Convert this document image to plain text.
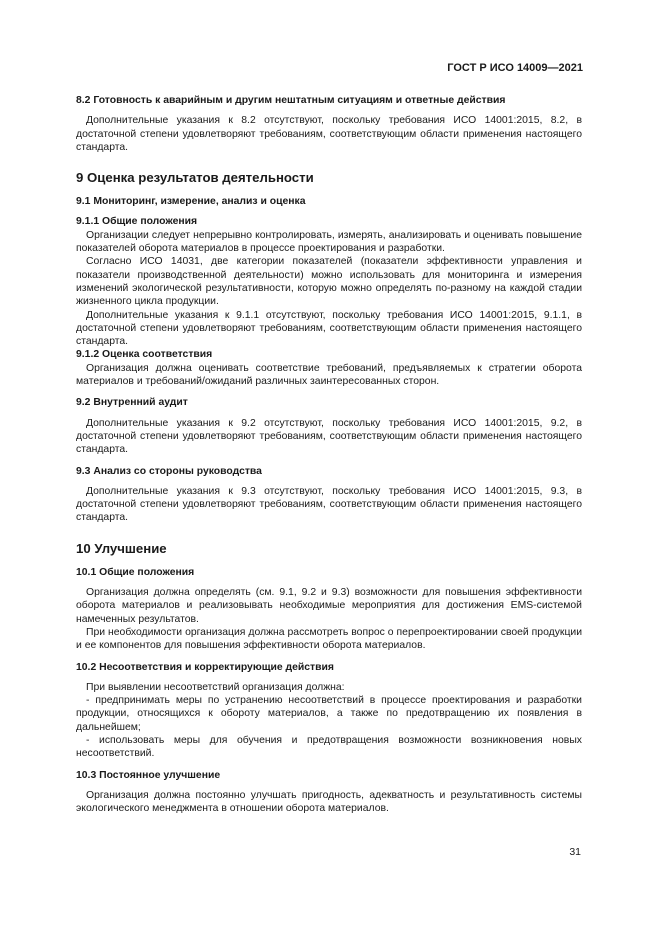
ГОСТ Р ИСО 14009—2021
8.2 Готовность к аварийным и другим нештатным ситуациям и ответные действия

Дополнительные указания к 8.2 отсутствуют, поскольку требования ИСО 14001:2015, 8.2, в достаточной степени удовлетворяют требованиям, соответствующим области применения настоящего стандарта.

9 Оценка результатов деятельности
9.1 Мониторинг, измерение, анализ и оценка
9.1.1 Общие положения

Организации следует непрерывно контролировать, измерять, анализировать и оценивать повышение показателей оборота материалов в процессе проектирования и разработки.

Согласно ИСО 14031, две категории показателей (показатели эффективности управления и показатели производственной деятельности) можно использовать для мониторинга и измерения изменений экологической результативности, которую можно определять по-разному на каждой стадии жизненного цикла продукции.

Дополнительные указания к 9.1.1 отсутствуют, поскольку требования ИСО 14001:2015, 9.1.1, в достаточной степени удовлетворяют требованиям, соответствующим области применения настоящего стандарта.

9.1.2 Оценка соответствия

Организация должна оценивать соответствие требований, предъявляемых к стратегии оборота материалов и требований/ожиданий различных заинтересованных сторон.

9.2 Внутренний аудит

Дополнительные указания к 9.2 отсутствуют, поскольку требования ИСО 14001:2015, 9.2, в достаточной степени удовлетворяют требованиям, соответствующим области применения настоящего стандарта.

9.3 Анализ со стороны руководства

Дополнительные указания к 9.3 отсутствуют, поскольку требования ИСО 14001:2015, 9.3, в достаточной степени удовлетворяют требованиям, соответствующим области применения настоящего стандарта.

10 Улучшение
10.1 Общие положения

Организация должна определять (см. 9.1, 9.2 и 9.3) возможности для повышения эффективности оборота материалов и реализовывать необходимые мероприятия для достижения EMS-системой намеченных результатов.

При необходимости организация должна рассмотреть вопрос о перепроектировании своей продукции и ее компонентов для повышения эффективности оборота материалов.

10.2 Несоответствия и корректирующие действия

При выявлении несоответствий организация должна:

- предпринимать меры по устранению несоответствий в процессе проектирования и разработки продукции, относящихся к обороту материалов, а также по предотвращению их появления в дальнейшем;

- использовать меры для обучения и предотвращения возможности возникновения новых несоответствий.

10.3 Постоянное улучшение

Организация должна постоянно улучшать пригодность, адекватность и результативность системы экологического менеджмента в отношении оборота материалов.

31
